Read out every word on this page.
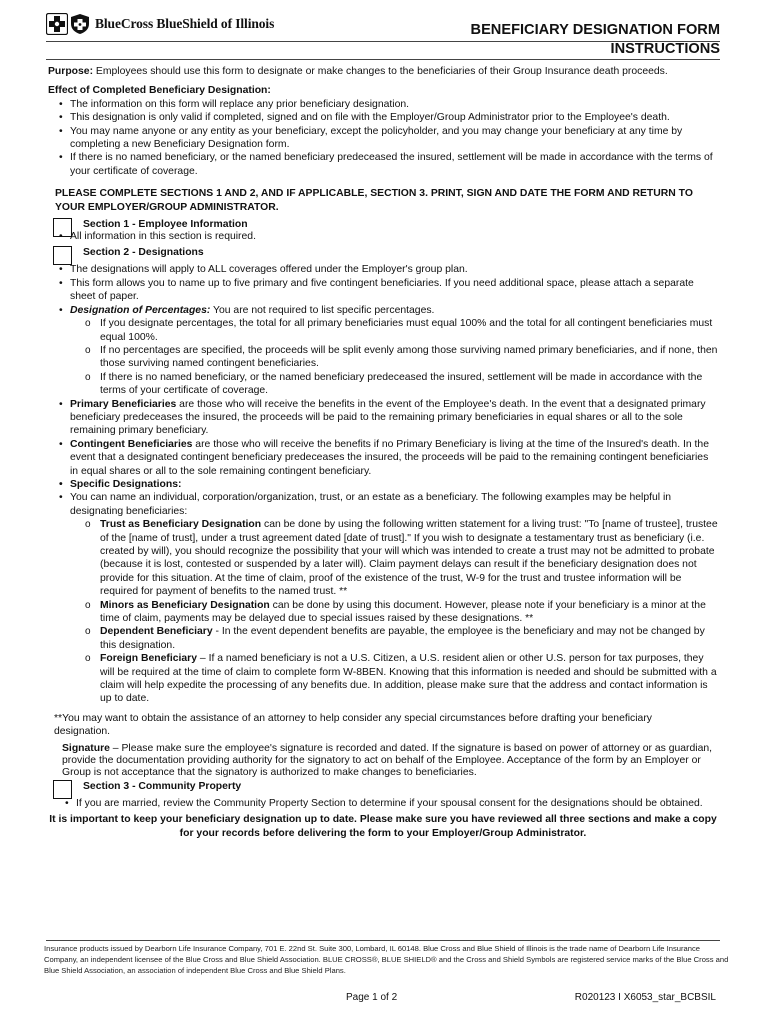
BlueCross BlueShield of Illinois	BENEFICIARY DESIGNATION FORM
INSTRUCTIONS

Purpose: Employees should use this form to designate or make changes to the beneficiaries of their Group Insurance death proceeds.

Effect of Completed Beneficiary Designation:

• The information on this form will replace any prior beneficiary designation.
• This designation is only valid if completed, signed and on file with the Employer/Group Administrator prior to the Employee's death.
• You may name anyone or any entity as your beneficiary, except the policyholder, and you may change your beneficiary at any time by completing a new Beneficiary Designation form.
• If there is no named beneficiary, or the named beneficiary predeceased the insured, settlement will be made in accordance with the terms of your certificate of coverage.

PLEASE COMPLETE SECTIONS 1 AND 2, AND IF APPLICABLE, SECTION 3. PRINT, SIGN AND DATE THE FORM AND RETURN TO YOUR EMPLOYER/GROUP ADMINISTRATOR.

Section 1 - Employee Information
• All information in this section is required.
Section 2 - Designations
• The designations will apply to ALL coverages offered under the Employer's group plan.
• This form allows you to name up to five primary and five contingent beneficiaries. If you need additional space, please attach a separate sheet of paper.
• Designation of Percentages: You are not required to list specific percentages.
o If you designate percentages, the total for all primary beneficiaries must equal 100% and the total for all contingent beneficiaries must equal 100%.
o If no percentages are specified, the proceeds will be split evenly among those surviving named primary beneficiaries, and if none, then those surviving named contingent beneficiaries.
o If there is no named beneficiary, or the named beneficiary predeceased the insured, settlement will be made in accordance with the terms of your certificate of coverage.
• Primary Beneficiaries are those who will receive the benefits in the event of the Employee's death. In the event that a designated primary beneficiary predeceases the insured, the proceeds will be paid to the remaining primary beneficiaries in equal shares or all to the sole remaining primary beneficiary.
• Contingent Beneficiaries are those who will receive the benefits if no Primary Beneficiary is living at the time of the Insured's death. In the event that a designated contingent beneficiary predeceases the insured, the proceeds will be paid to the remaining contingent beneficiaries in equal shares or all to the sole remaining contingent beneficiary.
• Specific Designations:
• You can name an individual, corporation/organization, trust, or an estate as a beneficiary. The following examples may be helpful in designating beneficiaries:
o Trust as Beneficiary Designation can be done by using the following written statement for a living trust: "To [name of trustee], trustee of the [name of trust], under a trust agreement dated [date of trust]." If you wish to designate a testamentary trust as beneficiary (i.e. created by will), you should recognize the possibility that your will which was intended to create a trust may not be admitted to probate (because it is lost, contested or suspended by a later will). Claim payment delays can result if the beneficiary designation does not provide for this situation. At the time of claim, proof of the existence of the trust, W-9 for the trust and trustee information will be required for payment of benefits to the named trust. **
o Minors as Beneficiary Designation can be done by using this document. However, please note if your beneficiary is a minor at the time of claim, payments may be delayed due to special issues raised by these designations. **
o Dependent Beneficiary - In the event dependent benefits are payable, the employee is the beneficiary and may not be changed by this designation.
o Foreign Beneficiary – If a named beneficiary is not a U.S. Citizen, a U.S. resident alien or other U.S. person for tax purposes, they will be required at the time of claim to complete form W-8BEN. Knowing that this information is needed and should be submitted with a claim will help expedite the processing of any benefits due. In addition, please make sure that the address and contact information is up to date.

**You may want to obtain the assistance of an attorney to help consider any special circumstances before drafting your beneficiary designation.

Signature – Please make sure the employee's signature is recorded and dated. If the signature is based on power of attorney or as guardian, provide the documentation providing authority for the signatory to act on behalf of the Employee. Acceptance of the form by an Employer or Group is not acceptance that the signatory is authorized to make changes to beneficiaries.

Section 3 - Community Property
• If you are married, review the Community Property Section to determine if your spousal consent for the designations should be obtained.

It is important to keep your beneficiary designation up to date. Please make sure you have reviewed all three sections and make a copy for your records before delivering the form to your Employer/Group Administrator.

Insurance products issued by Dearborn Life Insurance Company, 701 E. 22nd St. Suite 300, Lombard, IL 60148. Blue Cross and Blue Shield of Illinois is the trade name of Dearborn Life Insurance Company, an independent licensee of the Blue Cross and Blue Shield Association. BLUE CROSS®, BLUE SHIELD® and the Cross and Shield Symbols are registered service marks of the Blue Cross and Blue Shield Association, an association of independent Blue Cross and Blue Shield Plans.

Page 1 of 2	R020123 I X6053_star_BCBSIL
